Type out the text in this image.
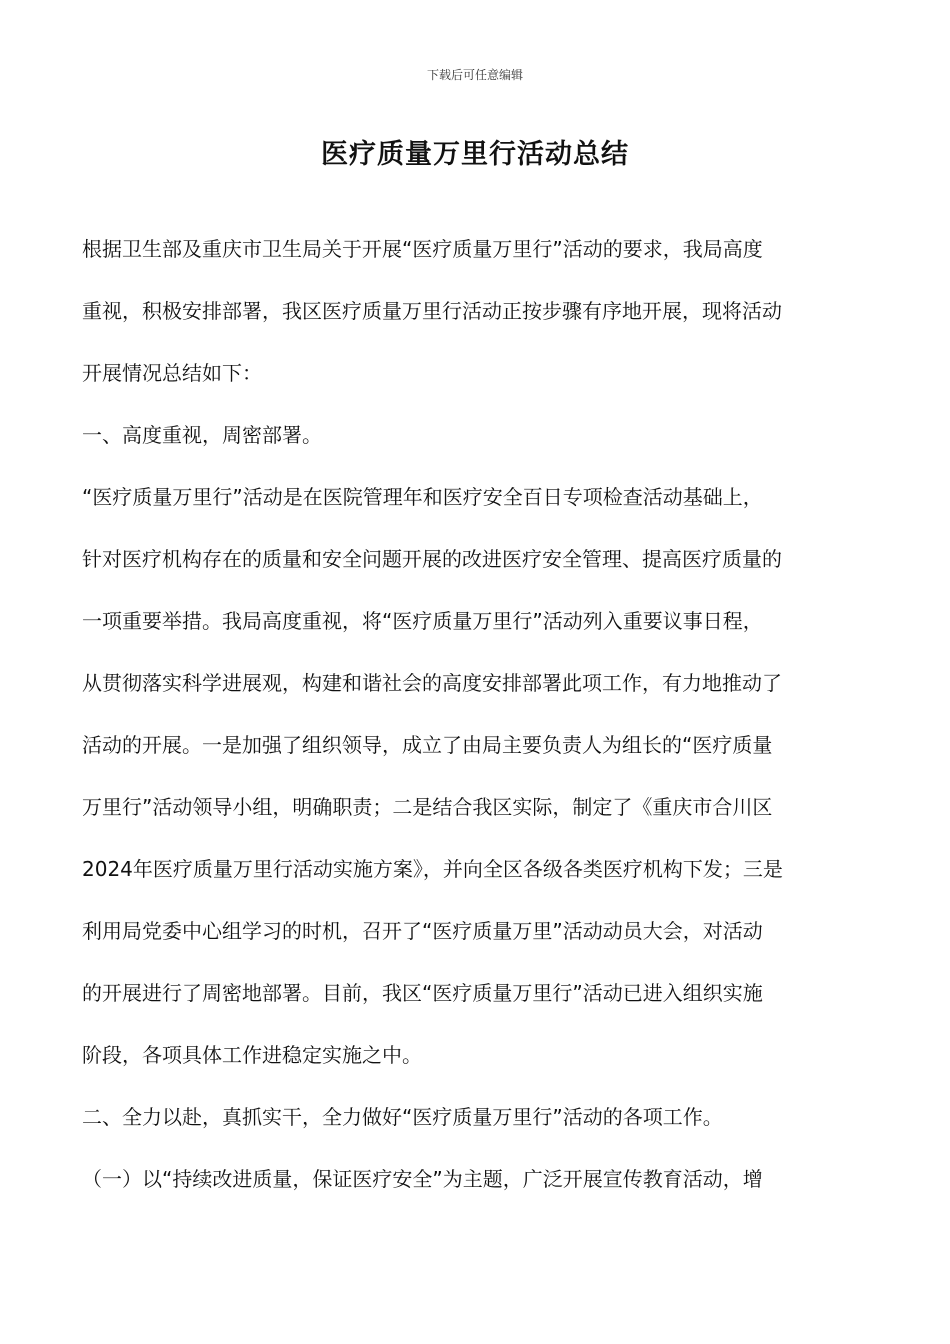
下载后可任意编辑
医疗质量万里行活动总结
根据卫生部及重庆市卫生局关于开展“医疗质量万里行”活动的要求，我局高度
重视，积极安排部署，我区医疗质量万里行活动正按步骤有序地开展，现将活动
开展情况总结如下：
一、高度重视，周密部署。
“医疗质量万里行”活动是在医院管理年和医疗安全百日专项检查活动基础上，
针对医疗机构存在的质量和安全问题开展的改进医疗安全管理、提高医疗质量的
一项重要举措。我局高度重视，将“医疗质量万里行”活动列入重要议事日程，
从贯彻落实科学进展观，构建和谐社会的高度安排部署此项工作，有力地推动了
活动的开展。一是加强了组织领导，成立了由局主要负责人为组长的“医疗质量
万里行”活动领导小组，明确职责；二是结合我区实际，制定了《重庆市合川区
2024年医疗质量万里行活动实施方案》，并向全区各级各类医疗机构下发；三是
利用局党委中心组学习的时机，召开了“医疗质量万里”活动动员大会，对活动
的开展进行了周密地部署。目前，我区“医疗质量万里行”活动已进入组织实施
阶段，各项具体工作进稳定实施之中。
二、全力以赴，真抓实干，全力做好“医疗质量万里行”活动的各项工作。
（一）以“持续改进质量，保证医疗安全”为主题，广泛开展宣传教育活动，增
